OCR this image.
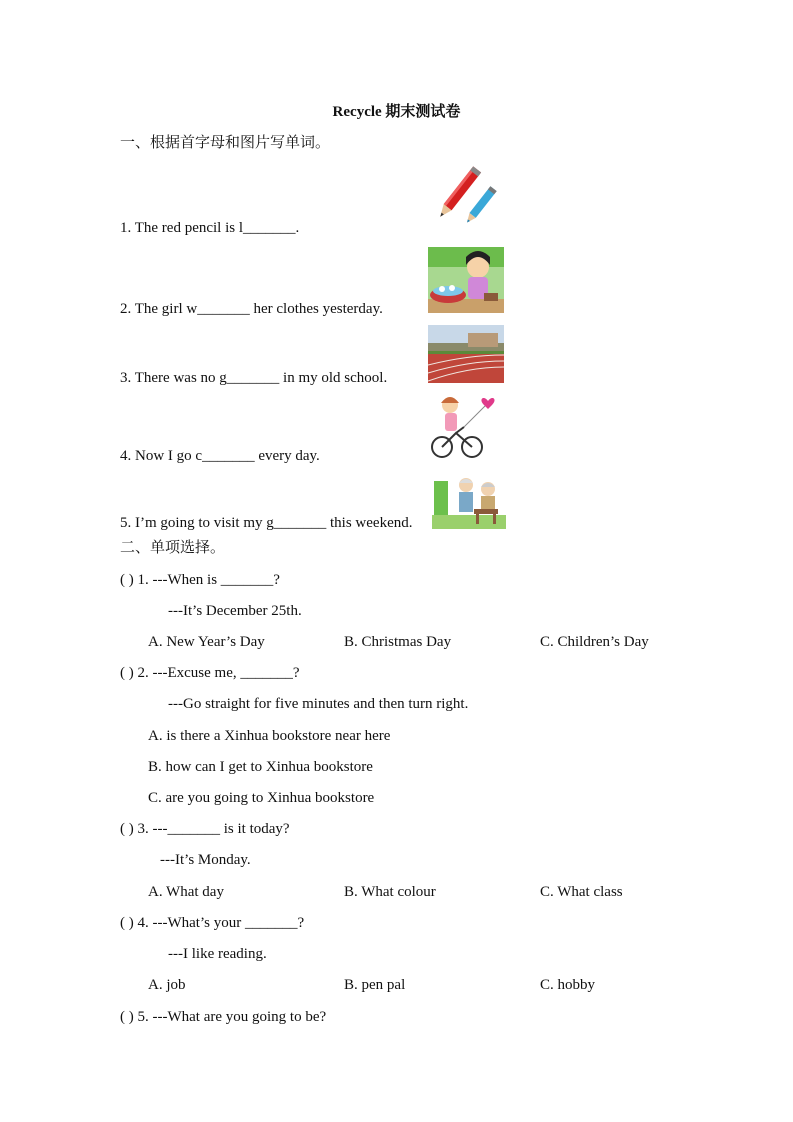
Recycle 期末测试卷
一、根据首字母和图片写单词。
1. The red pencil is l_______.
2. The girl w_______ her clothes yesterday.
3. There was no g_______ in my old school.
4. Now I go c_______ every day.
5. I’m going to visit my g_______ this weekend.
二、单项选择。
( ) 1. ---When is _______?
---It’s December 25th.
A. New Year’s Day	B. Christmas Day	C. Children’s Day
( ) 2. ---Excuse me, _______?
---Go straight for five minutes and then turn right.
A. is there a Xinhua bookstore near here
B. how can I get to Xinhua bookstore
C. are you going to Xinhua bookstore
( ) 3. ---_______ is it today?
---It’s Monday.
A. What day	B. What colour	C. What class
( ) 4. ---What’s your _______?
---I like reading.
A. job	B. pen pal	C. hobby
( ) 5. ---What are you going to be?
